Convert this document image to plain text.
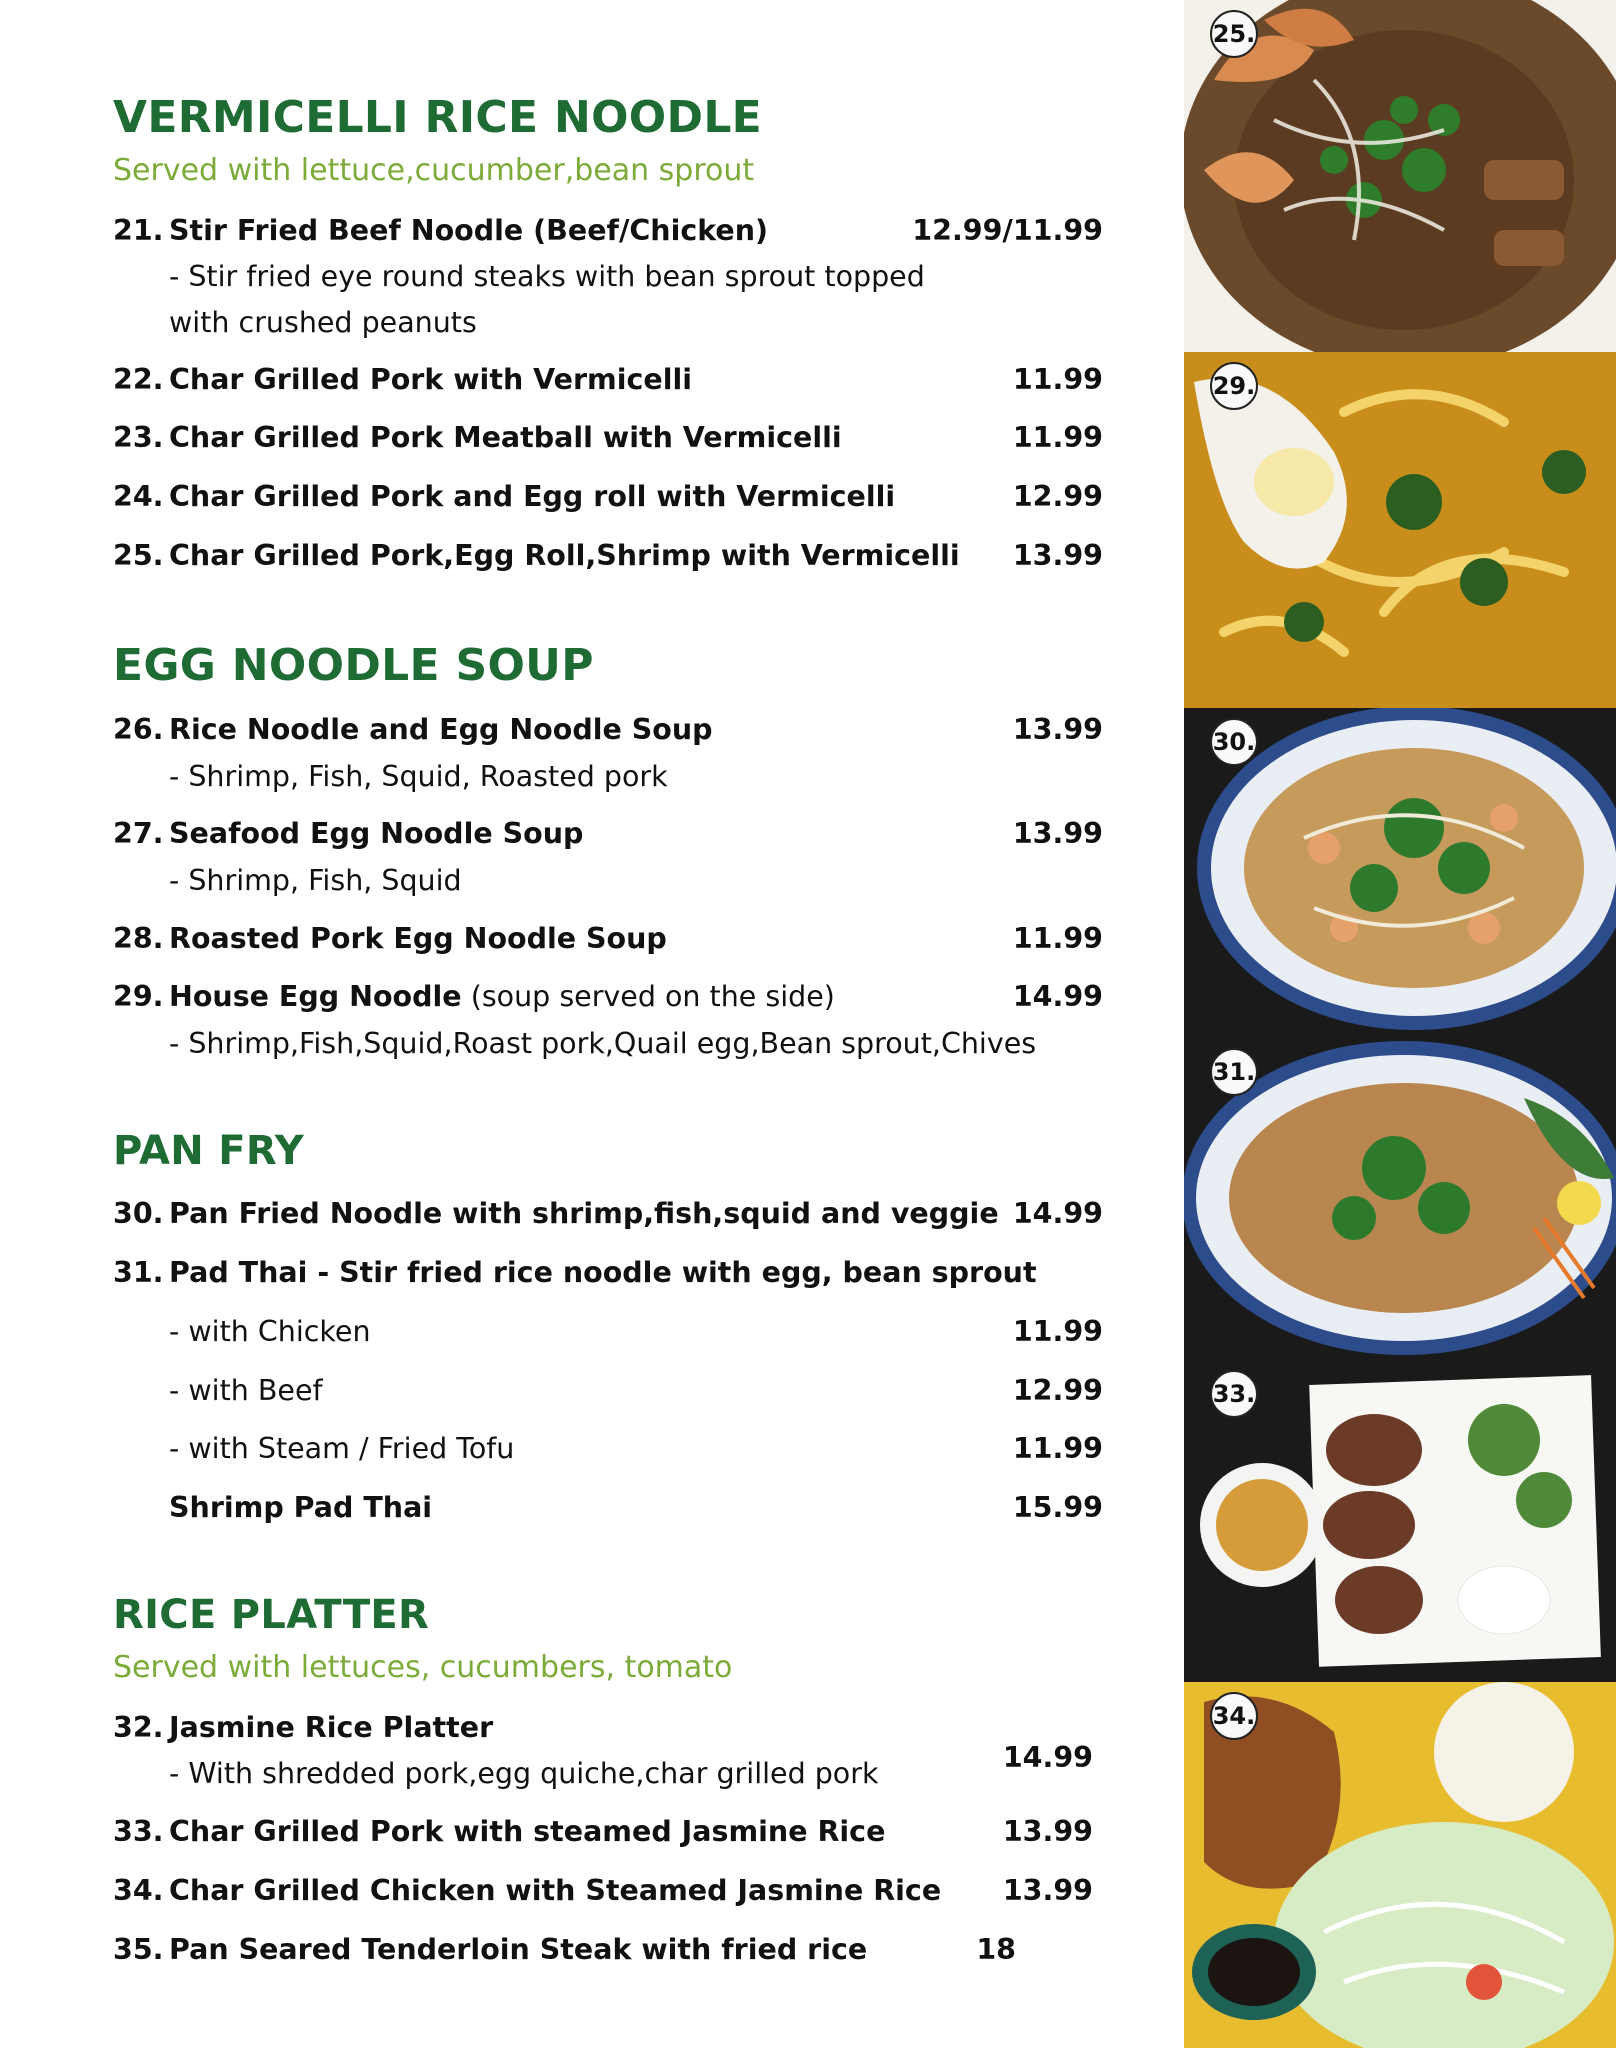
VERMICELLI RICE NOODLE
Served with lettuce,cucumber,bean sprout
21. Stir Fried Beef Noodle (Beef/Chicken)	12.99/11.99
- Stir fried eye round steaks with bean sprout topped
with crushed peanuts
22. Char Grilled Pork with Vermicelli	11.99
23. Char Grilled Pork Meatball with Vermicelli	11.99
24. Char Grilled Pork and Egg roll with Vermicelli	12.99
25. Char Grilled Pork,Egg Roll,Shrimp with Vermicelli 13.99
EGG NOODLE SOUP
26. Rice Noodle and Egg Noodle Soup	13.99
- Shrimp, Fish, Squid, Roasted pork
27. Seafood Egg Noodle Soup	13.99
- Shrimp, Fish, Squid
28. Roasted Pork Egg Noodle Soup	11.99
29. House Egg Noodle (soup served on the side)	14.99
- Shrimp,Fish,Squid,Roast pork,Quail egg,Bean sprout,Chives
PAN FRY
30. Pan Fried Noodle with shrimp,fish,squid and veggie 14.99
31. Pad Thai - Stir fried rice noodle with egg, bean sprout
- with Chicken	11.99
- with Beef	12.99
- with Steam / Fried Tofu	11.99
Shrimp Pad Thai	15.99
RICE PLATTER
Served with lettuces, cucumbers, tomato
32. Jasmine Rice Platter
- With shredded pork,egg quiche,char grilled pork	14.99
33. Char Grilled Pork with steamed Jasmine Rice	13.99
34. Char Grilled Chicken with Steamed Jasmine Rice 13.99
35. Pan Seared Tenderloin Steak with fried rice	18
25.
29.
30.
31.
33.
34.
